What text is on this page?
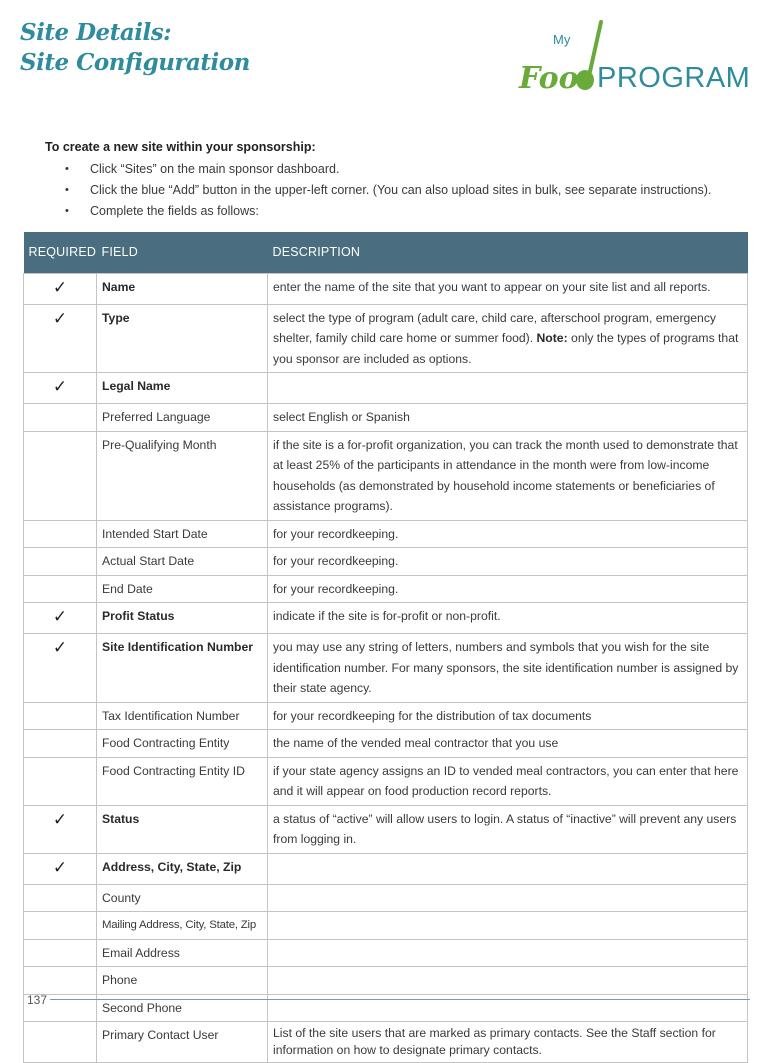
Site Details:
Site Configuration
My
Foo PROGRAM
To create a new site within your sponsorship:
• Click “Sites” on the main sponsor dashboard.
• Click the blue “Add” button in the upper-left corner. (You can also upload sites in bulk, see separate instructions).
• Complete the fields as follows:
REQUIRED	FIELD	DESCRIPTION
✓	Name	enter the name of the site that you want to appear on your site list and all reports.
✓	Type	select the type of program (adult care, child care, afterschool program, emergency shelter, family child care home or summer food). Note: only the types of programs that you sponsor are included as options.
✓	Legal Name	
	Preferred Language	select English or Spanish
	Pre-Qualifying Month	if the site is a for-profit organization, you can track the month used to demonstrate that at least 25% of the participants in attendance in the month were from low-income households (as demonstrated by household income statements or beneficiaries of assistance programs).
	Intended Start Date	for your recordkeeping.
	Actual Start Date	for your recordkeeping.
	End Date	for your recordkeeping.
✓	Profit Status	indicate if the site is for-profit or non-profit.
✓	Site Identification Number	you may use any string of letters, numbers and symbols that you wish for the site identification number. For many sponsors, the site identification number is assigned by their state agency.
	Tax Identification Number	for your recordkeeping for the distribution of tax documents
	Food Contracting Entity	the name of the vended meal contractor that you use
	Food Contracting Entity ID	if your state agency assigns an ID to vended meal contractors, you can enter that here and it will appear on food production record reports.
✓	Status	a status of “active” will allow users to login. A status of “inactive” will prevent any users from logging in.
✓	Address, City, State, Zip	
	County	
	Mailing Address, City, State, Zip	
	Email Address	
	Phone	
	Second Phone	
	Primary Contact User	List of the site users that are marked as primary contacts. See the Staff section for information on how to designate primary contacts.
137
